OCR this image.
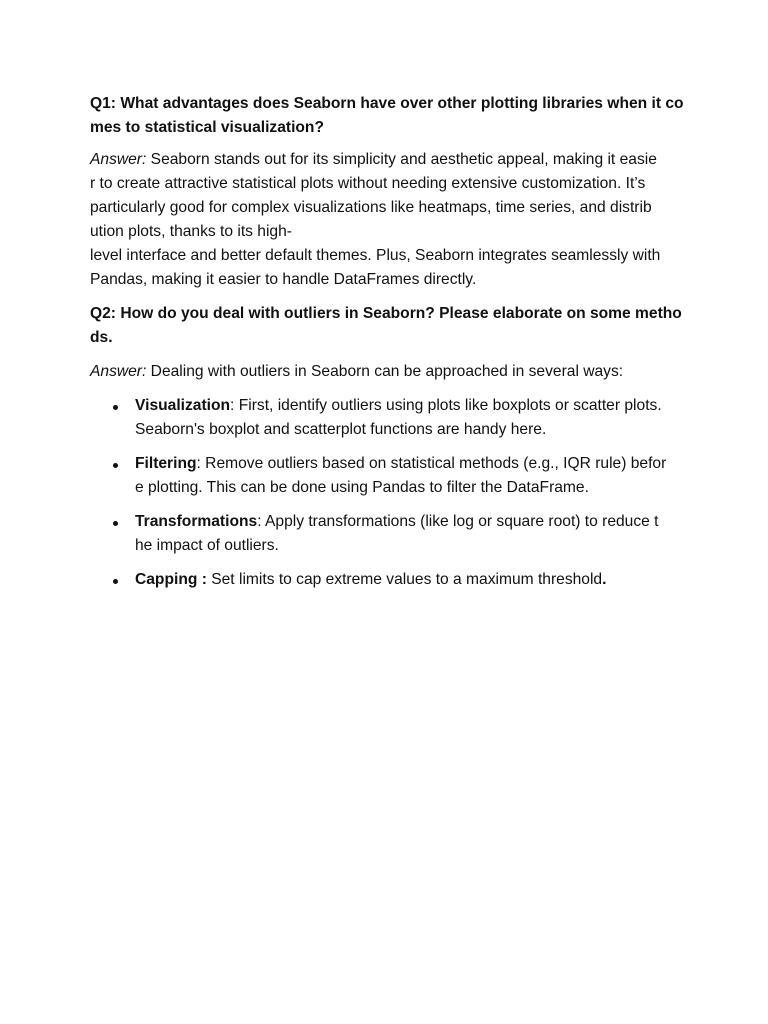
Q1: What advantages does Seaborn have over other plotting libraries when it co
mes to statistical visualization?
Answer: Seaborn stands out for its simplicity and aesthetic appeal, making it easie
r to create attractive statistical plots without needing extensive customization. It’s
particularly good for complex visualizations like heatmaps, time series, and distrib
ution plots, thanks to its high-
level interface and better default themes. Plus, Seaborn integrates seamlessly with
Pandas, making it easier to handle DataFrames directly.
Q2: How do you deal with outliers in Seaborn? Please elaborate on some metho
ds.
Answer: Dealing with outliers in Seaborn can be approached in several ways:
Visualization: First, identify outliers using plots like boxplots or scatter plots.
Seaborn's boxplot and scatterplot functions are handy here.
Filtering: Remove outliers based on statistical methods (e.g., IQR rule) befor
e plotting. This can be done using Pandas to filter the DataFrame.
Transformations: Apply transformations (like log or square root) to reduce t
he impact of outliers.
Capping : Set limits to cap extreme values to a maximum threshold.
